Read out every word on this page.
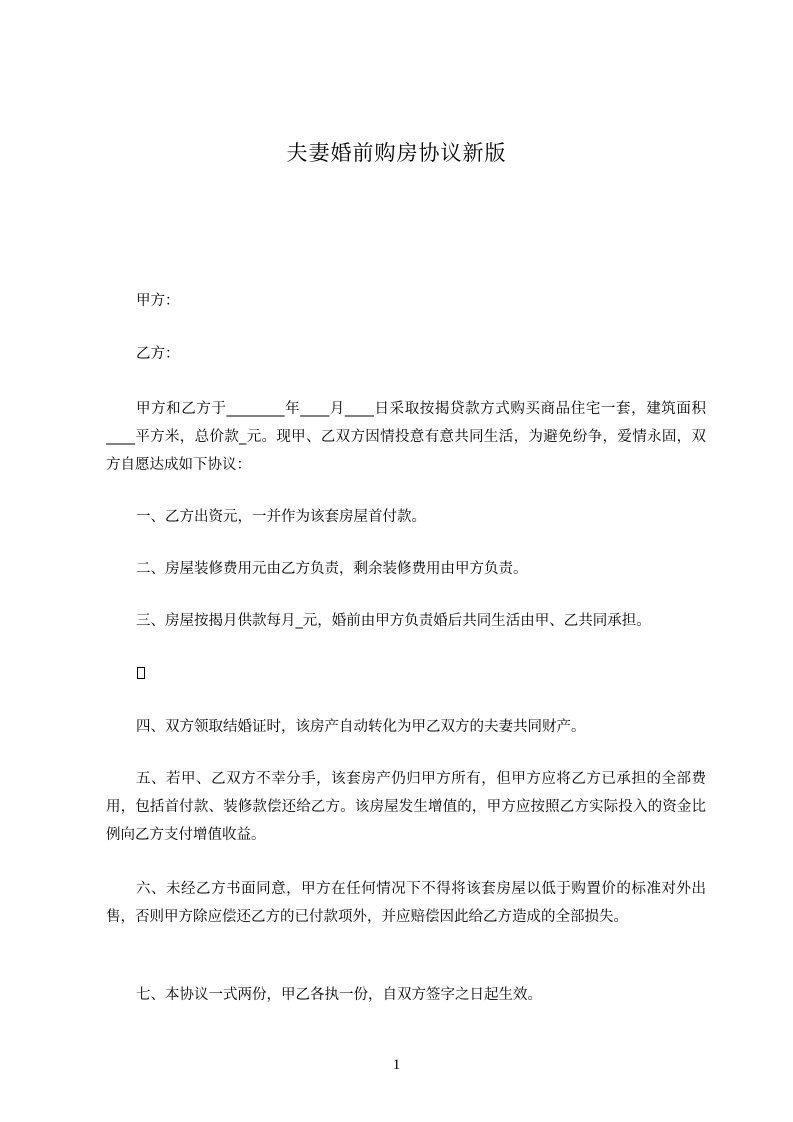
夫妻婚前购房协议新版

甲方：

乙方：

甲方和乙方于________年____月____日采取按揭贷款方式购买商品住宅一套，建筑面积____平方米，总价款_元。现甲、乙双方因情投意有意共同生活，为避免纷争，爱情永固，双方自愿达成如下协议：

一、乙方出资元，一并作为该套房屋首付款。

二、房屋装修费用元由乙方负责，剩余装修费用由甲方负责。

三、房屋按揭月供款每月_元，婚前由甲方负责婚后共同生活由甲、乙共同承担。

四、双方领取结婚证时，该房产自动转化为甲乙双方的夫妻共同财产。

五、若甲、乙双方不幸分手，该套房产仍归甲方所有，但甲方应将乙方已承担的全部费用，包括首付款、装修款偿还给乙方。该房屋发生增值的，甲方应按照乙方实际投入的资金比例向乙方支付增值收益。

六、未经乙方书面同意，甲方在任何情况下不得将该套房屋以低于购置价的标准对外出售，否则甲方除应偿还乙方的已付款项外，并应赔偿因此给乙方造成的全部损失。

七、本协议一式两份，甲乙各执一份，自双方签字之日起生效。

1
